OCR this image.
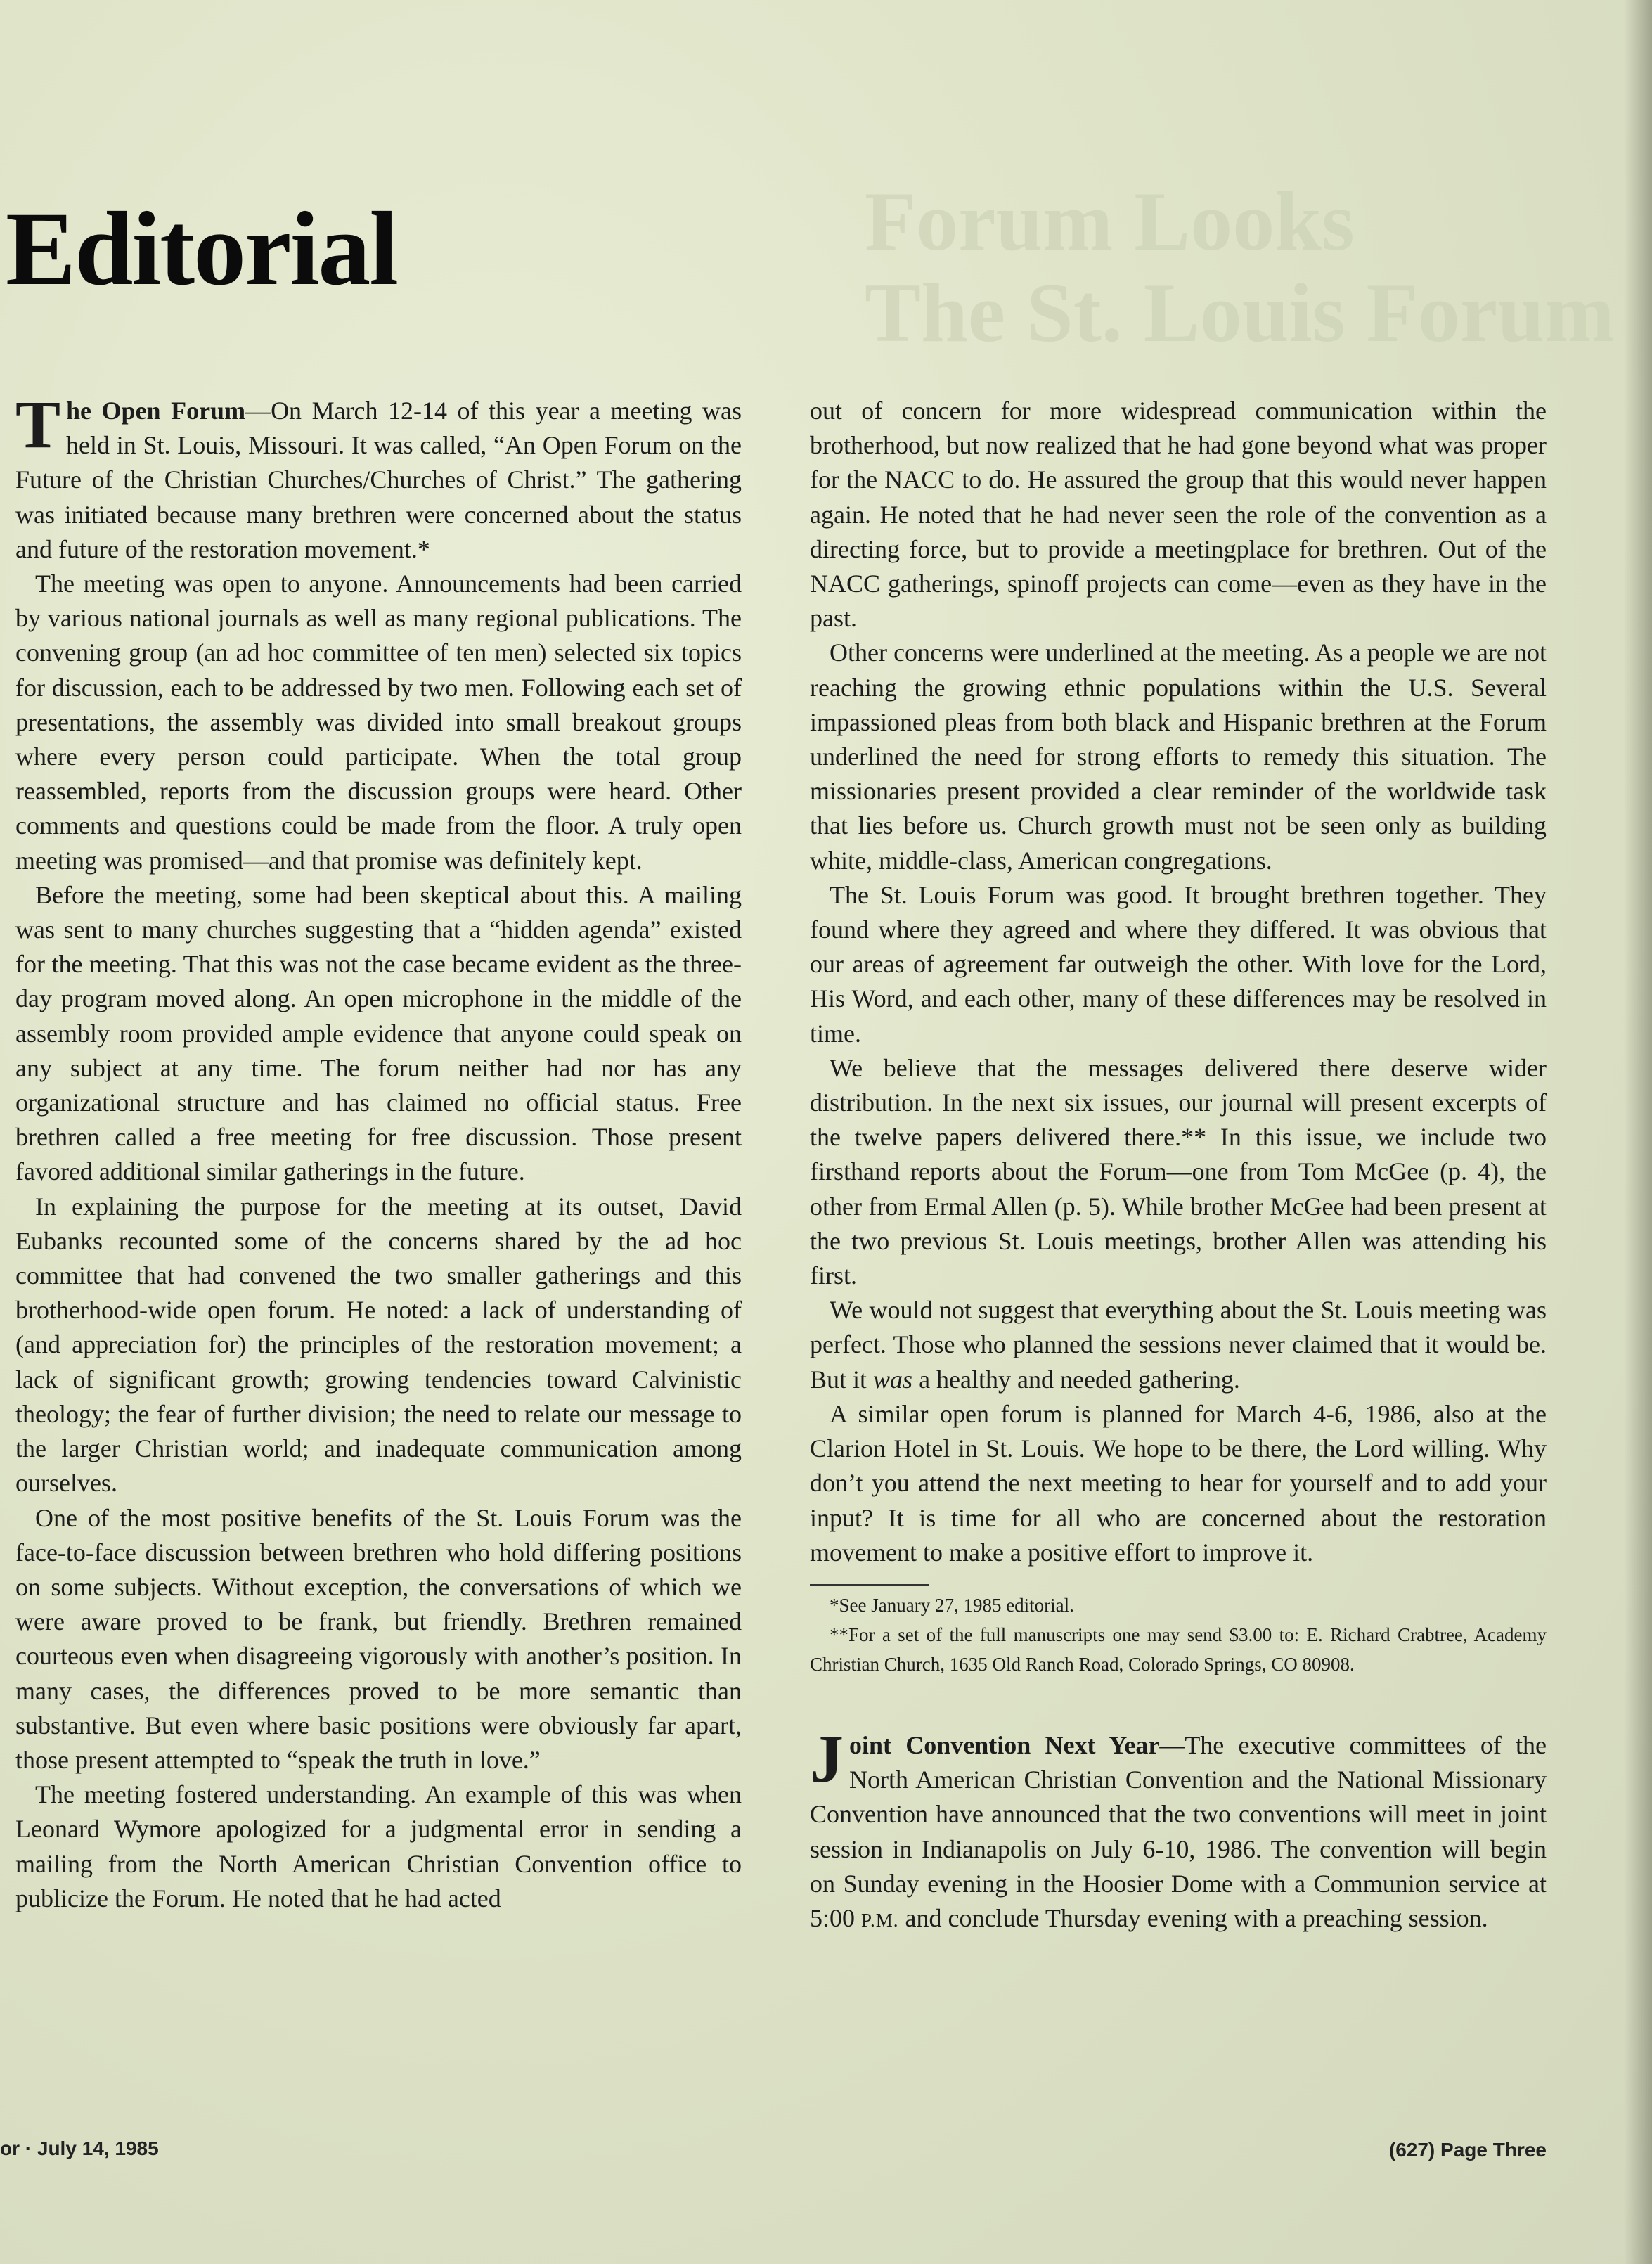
Forum Looks
The St. Louis Forum
Editorial

The Open Forum—On March 12-14 of this year a meeting was held in St. Louis, Missouri. It was called, “An Open Forum on the Future of the Christian Churches/Churches of Christ.” The gathering was initiated because many brethren were concerned about the status and future of the restoration movement.*

The meeting was open to anyone. Announcements had been carried by various national journals as well as many regional publications. The convening group (an ad hoc committee of ten men) selected six topics for discussion, each to be addressed by two men. Following each set of presentations, the assembly was divided into small breakout groups where every person could participate. When the total group reassembled, reports from the discussion groups were heard. Other comments and questions could be made from the floor. A truly open meeting was promised—and that promise was definitely kept.

Before the meeting, some had been skeptical about this. A mailing was sent to many churches suggesting that a “hidden agenda” existed for the meeting. That this was not the case became evident as the three-day program moved along. An open microphone in the middle of the assembly room provided ample evidence that anyone could speak on any subject at any time. The forum neither had nor has any organizational structure and has claimed no official status. Free brethren called a free meeting for free discussion. Those present favored additional similar gatherings in the future.

In explaining the purpose for the meeting at its outset, David Eubanks recounted some of the concerns shared by the ad hoc committee that had convened the two smaller gatherings and this brotherhood-wide open forum. He noted: a lack of understanding of (and appreciation for) the principles of the restoration movement; a lack of significant growth; growing tendencies toward Calvinistic theology; the fear of further division; the need to relate our message to the larger Christian world; and inadequate communication among ourselves.

One of the most positive benefits of the St. Louis Forum was the face-to-face discussion between brethren who hold differing positions on some subjects. Without exception, the conversations of which we were aware proved to be frank, but friendly. Brethren remained courteous even when disagreeing vigorously with another’s position. In many cases, the differences proved to be more semantic than substantive. But even where basic positions were obviously far apart, those present attempted to “speak the truth in love.”

The meeting fostered understanding. An example of this was when Leonard Wymore apologized for a judgmental error in sending a mailing from the North American Christian Convention office to publicize the Forum. He noted that he had acted

out of concern for more widespread communication within the brotherhood, but now realized that he had gone beyond what was proper for the NACC to do. He assured the group that this would never happen again. He noted that he had never seen the role of the convention as a directing force, but to provide a meetingplace for brethren. Out of the NACC gatherings, spinoff projects can come—even as they have in the past.

Other concerns were underlined at the meeting. As a people we are not reaching the growing ethnic populations within the U.S. Several impassioned pleas from both black and Hispanic brethren at the Forum underlined the need for strong efforts to remedy this situation. The missionaries present provided a clear reminder of the worldwide task that lies before us. Church growth must not be seen only as building white, middle-class, American congregations.

The St. Louis Forum was good. It brought brethren together. They found where they agreed and where they differed. It was obvious that our areas of agreement far outweigh the other. With love for the Lord, His Word, and each other, many of these differences may be resolved in time.

We believe that the messages delivered there deserve wider distribution. In the next six issues, our journal will present excerpts of the twelve papers delivered there.** In this issue, we include two firsthand reports about the Forum—one from Tom McGee (p. 4), the other from Ermal Allen (p. 5). While brother McGee had been present at the two previous St. Louis meetings, brother Allen was attending his first.

We would not suggest that everything about the St. Louis meeting was perfect. Those who planned the sessions never claimed that it would be. But it was a healthy and needed gathering.

A similar open forum is planned for March 4-6, 1986, also at the Clarion Hotel in St. Louis. We hope to be there, the Lord willing. Why don’t you attend the next meeting to hear for yourself and to add your input? It is time for all who are concerned about the restoration movement to make a positive effort to improve it.

*See January 27, 1985 editorial.

**For a set of the full manuscripts one may send $3.00 to: E. Richard Crabtree, Academy Christian Church, 1635 Old Ranch Road, Colorado Springs, CO 80908.

Joint Convention Next Year—The executive committees of the North American Christian Convention and the National Missionary Convention have announced that the two conventions will meet in joint session in Indianapolis on July 6-10, 1986. The convention will begin on Sunday evening in the Hoosier Dome with a Communion service at 5:00 P.M. and conclude Thursday evening with a preaching session.

or · July 14, 1985	(627) Page Three
